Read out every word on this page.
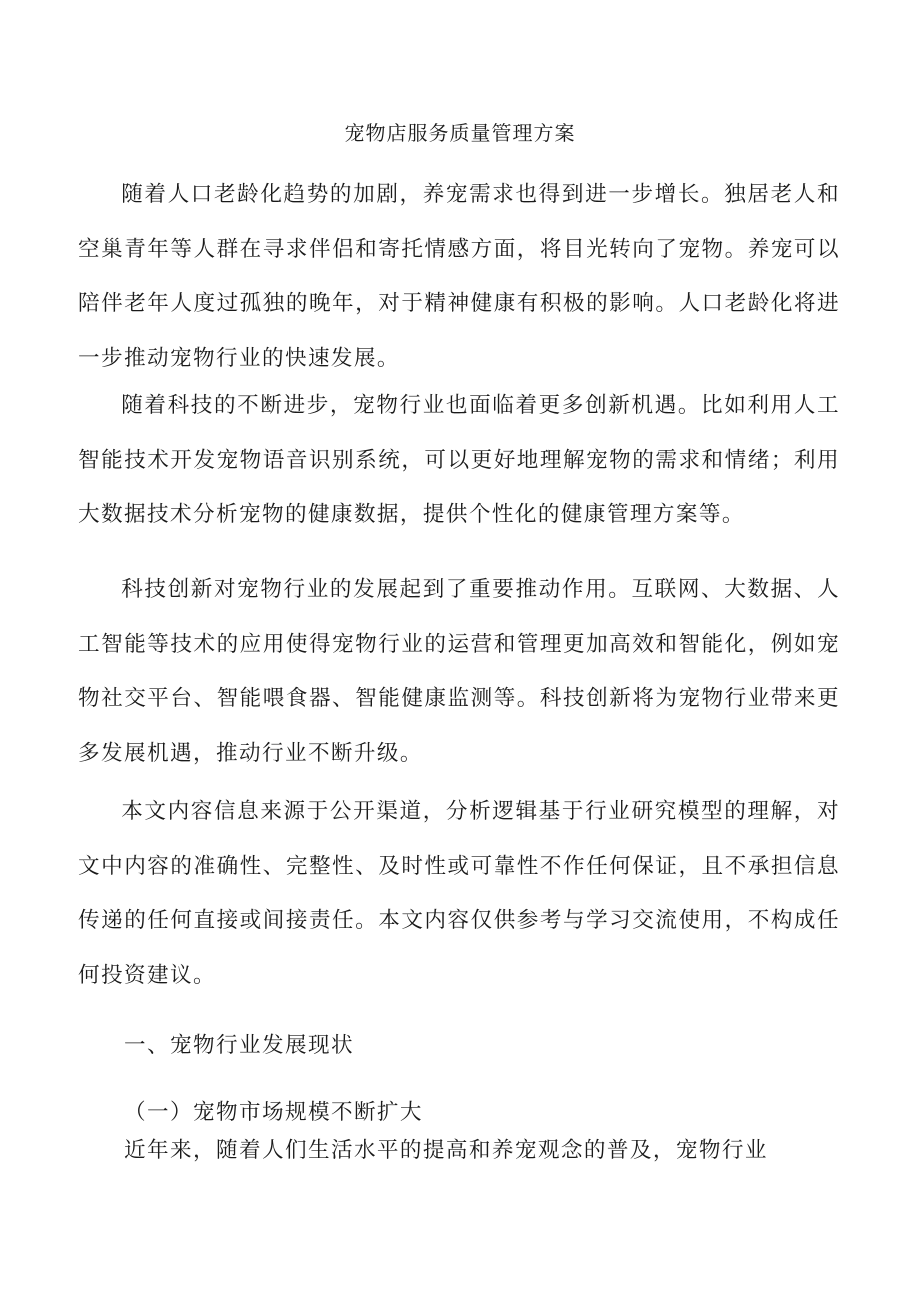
宠物店服务质量管理方案

随着人口老龄化趋势的加剧，养宠需求也得到进一步增长。独居老人和空巢青年等人群在寻求伴侣和寄托情感方面，将目光转向了宠物。养宠可以陪伴老年人度过孤独的晚年，对于精神健康有积极的影响。人口老龄化将进一步推动宠物行业的快速发展。

随着科技的不断进步，宠物行业也面临着更多创新机遇。比如利用人工智能技术开发宠物语音识别系统，可以更好地理解宠物的需求和情绪；利用大数据技术分析宠物的健康数据，提供个性化的健康管理方案等。

科技创新对宠物行业的发展起到了重要推动作用。互联网、大数据、人工智能等技术的应用使得宠物行业的运营和管理更加高效和智能化，例如宠物社交平台、智能喂食器、智能健康监测等。科技创新将为宠物行业带来更多发展机遇，推动行业不断升级。

本文内容信息来源于公开渠道，分析逻辑基于行业研究模型的理解，对文中内容的准确性、完整性、及时性或可靠性不作任何保证，且不承担信息传递的任何直接或间接责任。本文内容仅供参考与学习交流使用，不构成任何投资建议。

一、宠物行业发展现状
（一）宠物市场规模不断扩大

近年来，随着人们生活水平的提高和养宠观念的普及，宠物行业
